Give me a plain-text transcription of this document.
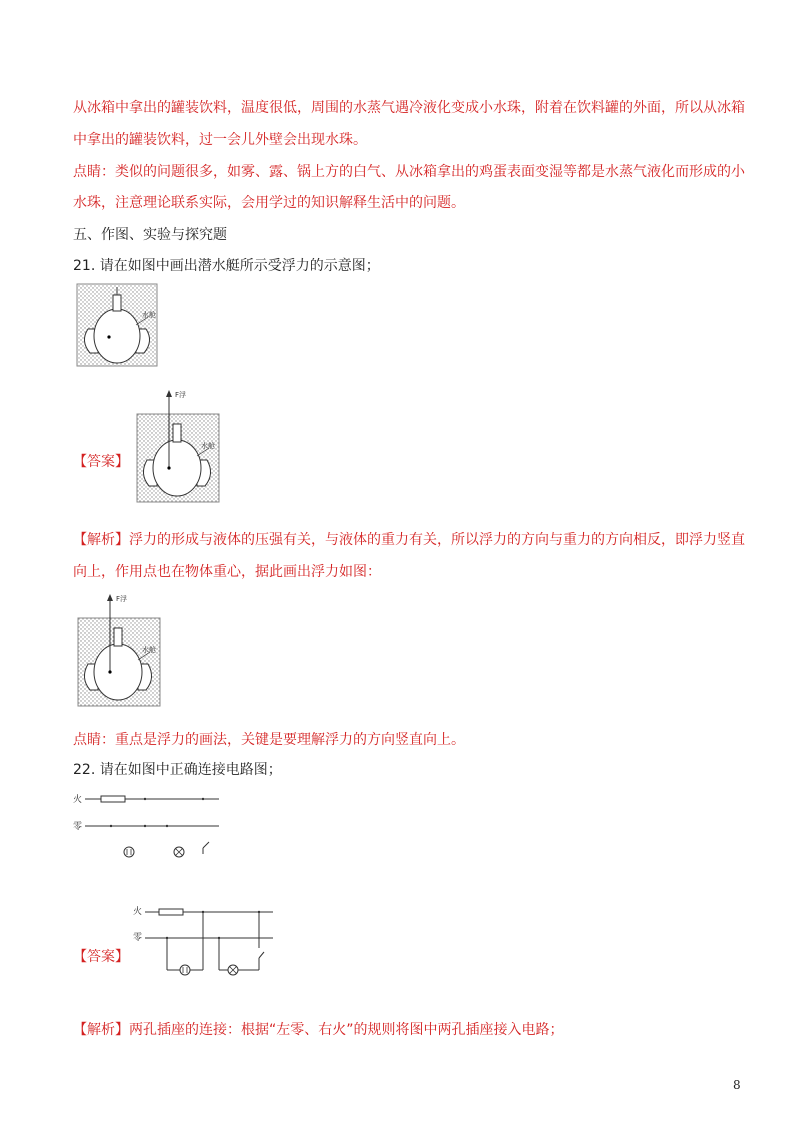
从冰箱中拿出的罐装饮料，温度很低，周围的水蒸气遇冷液化变成小水珠，附着在饮料罐的外面，所以从冰箱
中拿出的罐装饮料，过一会儿外壁会出现水珠。
点睛：类似的问题很多，如雾、露、锅上方的白气、从冰箱拿出的鸡蛋表面变湿等都是水蒸气液化而形成的小
水珠，注意理论联系实际，会用学过的知识解释生活中的问题。
五、作图、实验与探究题
21. 请在如图中画出潜水艇所示受浮力的示意图；
水舱
【答案】
F浮
水舱
【解析】浮力的形成与液体的压强有关，与液体的重力有关，所以浮力的方向与重力的方向相反，即浮力竖直
向上，作用点也在物体重心，据此画出浮力如图：
F浮
水舱
点睛：重点是浮力的画法，关键是要理解浮力的方向竖直向上。
22. 请在如图中正确连接电路图；
火
零
【答案】
火
零
【解析】两孔插座的连接：根据“左零、右火”的规则将图中两孔插座接入电路；
8
